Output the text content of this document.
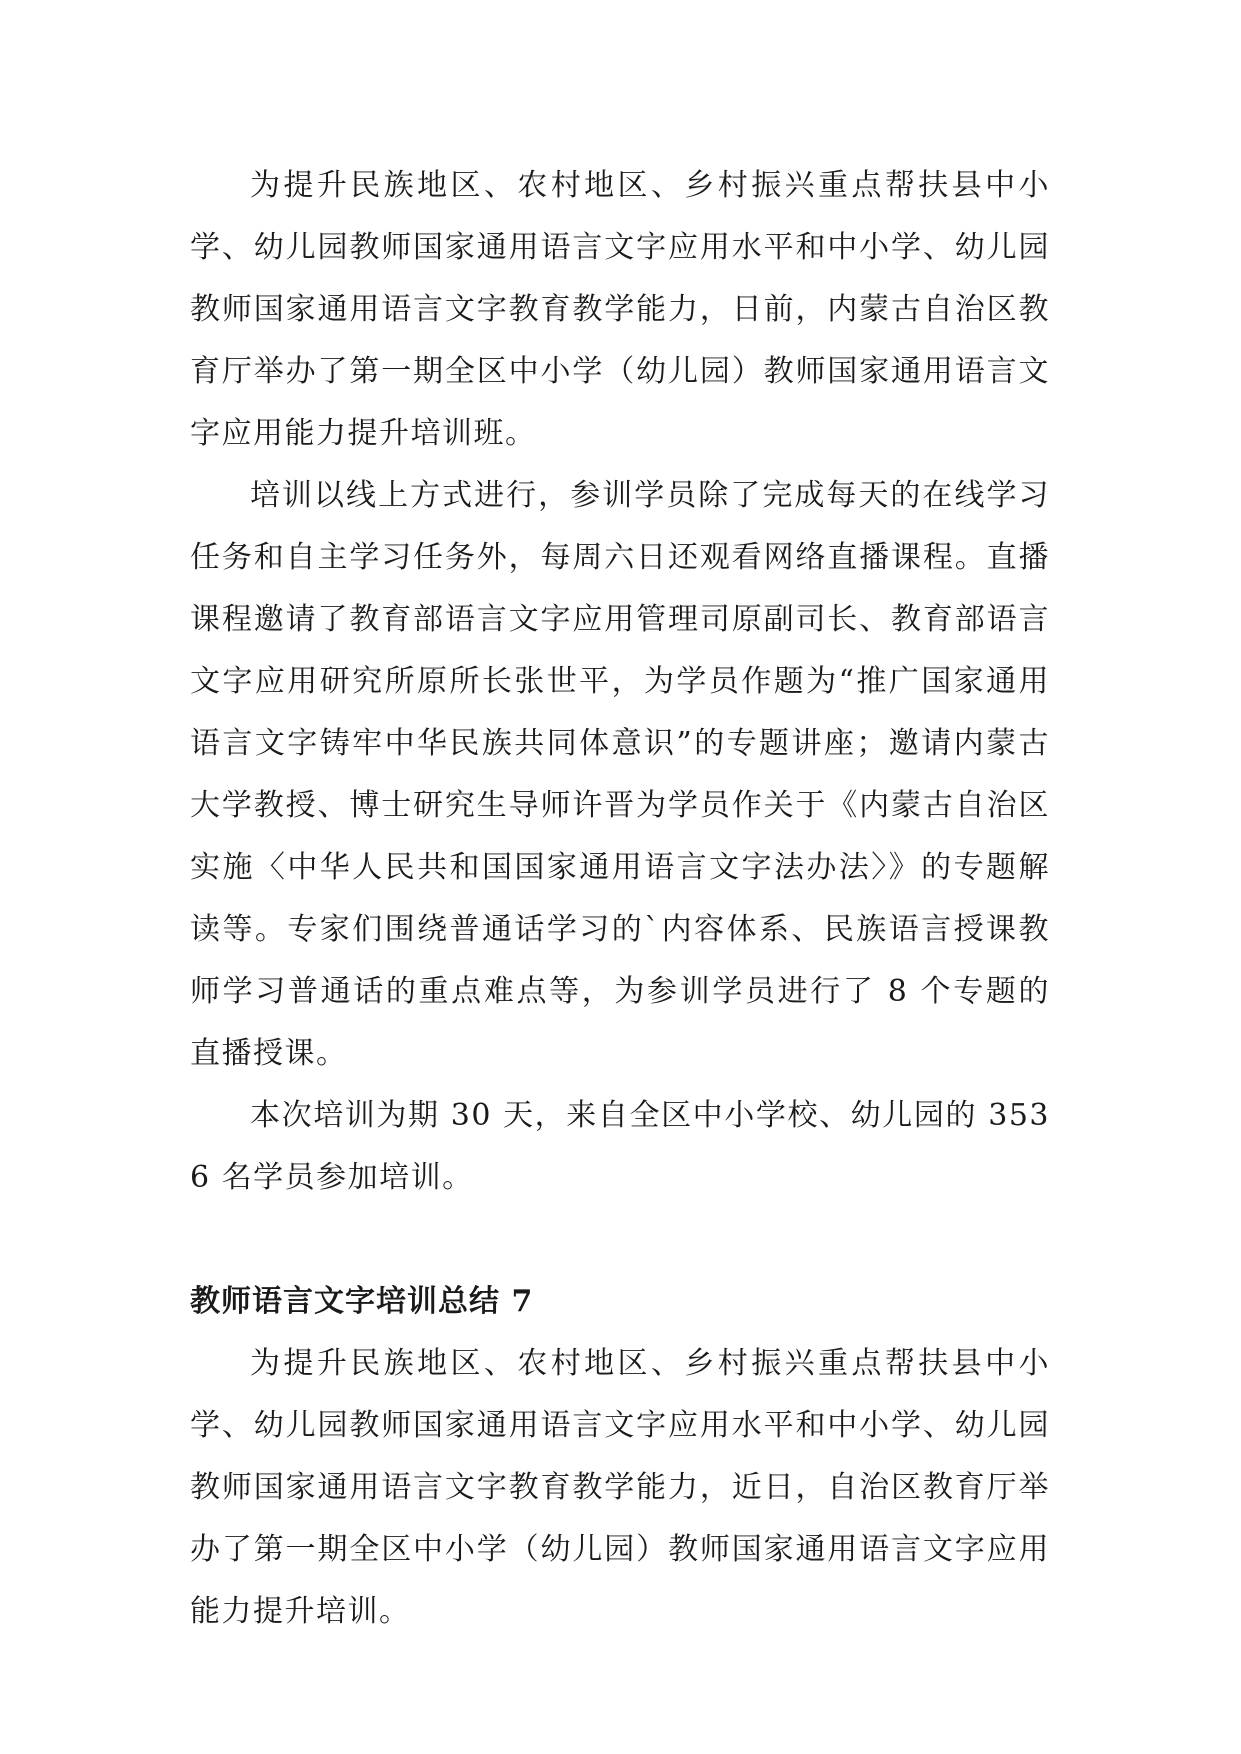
为提升民族地区、农村地区、乡村振兴重点帮扶县中小学、幼儿园教师国家通用语言文字应用水平和中小学、幼儿园教师国家通用语言文字教育教学能力，日前，内蒙古自治区教育厅举办了第一期全区中小学（幼儿园）教师国家通用语言文字应用能力提升培训班。

培训以线上方式进行，参训学员除了完成每天的在线学习任务和自主学习任务外，每周六日还观看网络直播课程。直播课程邀请了教育部语言文字应用管理司原副司长、教育部语言文字应用研究所原所长张世平，为学员作题为“推广国家通用语言文字铸牢中华民族共同体意识”的专题讲座；邀请内蒙古大学教授、博士研究生导师许晋为学员作关于《内蒙古自治区实施〈中华人民共和国国家通用语言文字法办法〉》的专题解读等。专家们围绕普通话学习的`内容体系、民族语言授课教师学习普通话的重点难点等，为参训学员进行了 8 个专题的直播授课。

本次培训为期 30 天，来自全区中小学校、幼儿园的 3536 名学员参加培训。

教师语言文字培训总结 7

为提升民族地区、农村地区、乡村振兴重点帮扶县中小学、幼儿园教师国家通用语言文字应用水平和中小学、幼儿园教师国家通用语言文字教育教学能力，近日，自治区教育厅举办了第一期全区中小学（幼儿园）教师国家通用语言文字应用能力提升培训。
